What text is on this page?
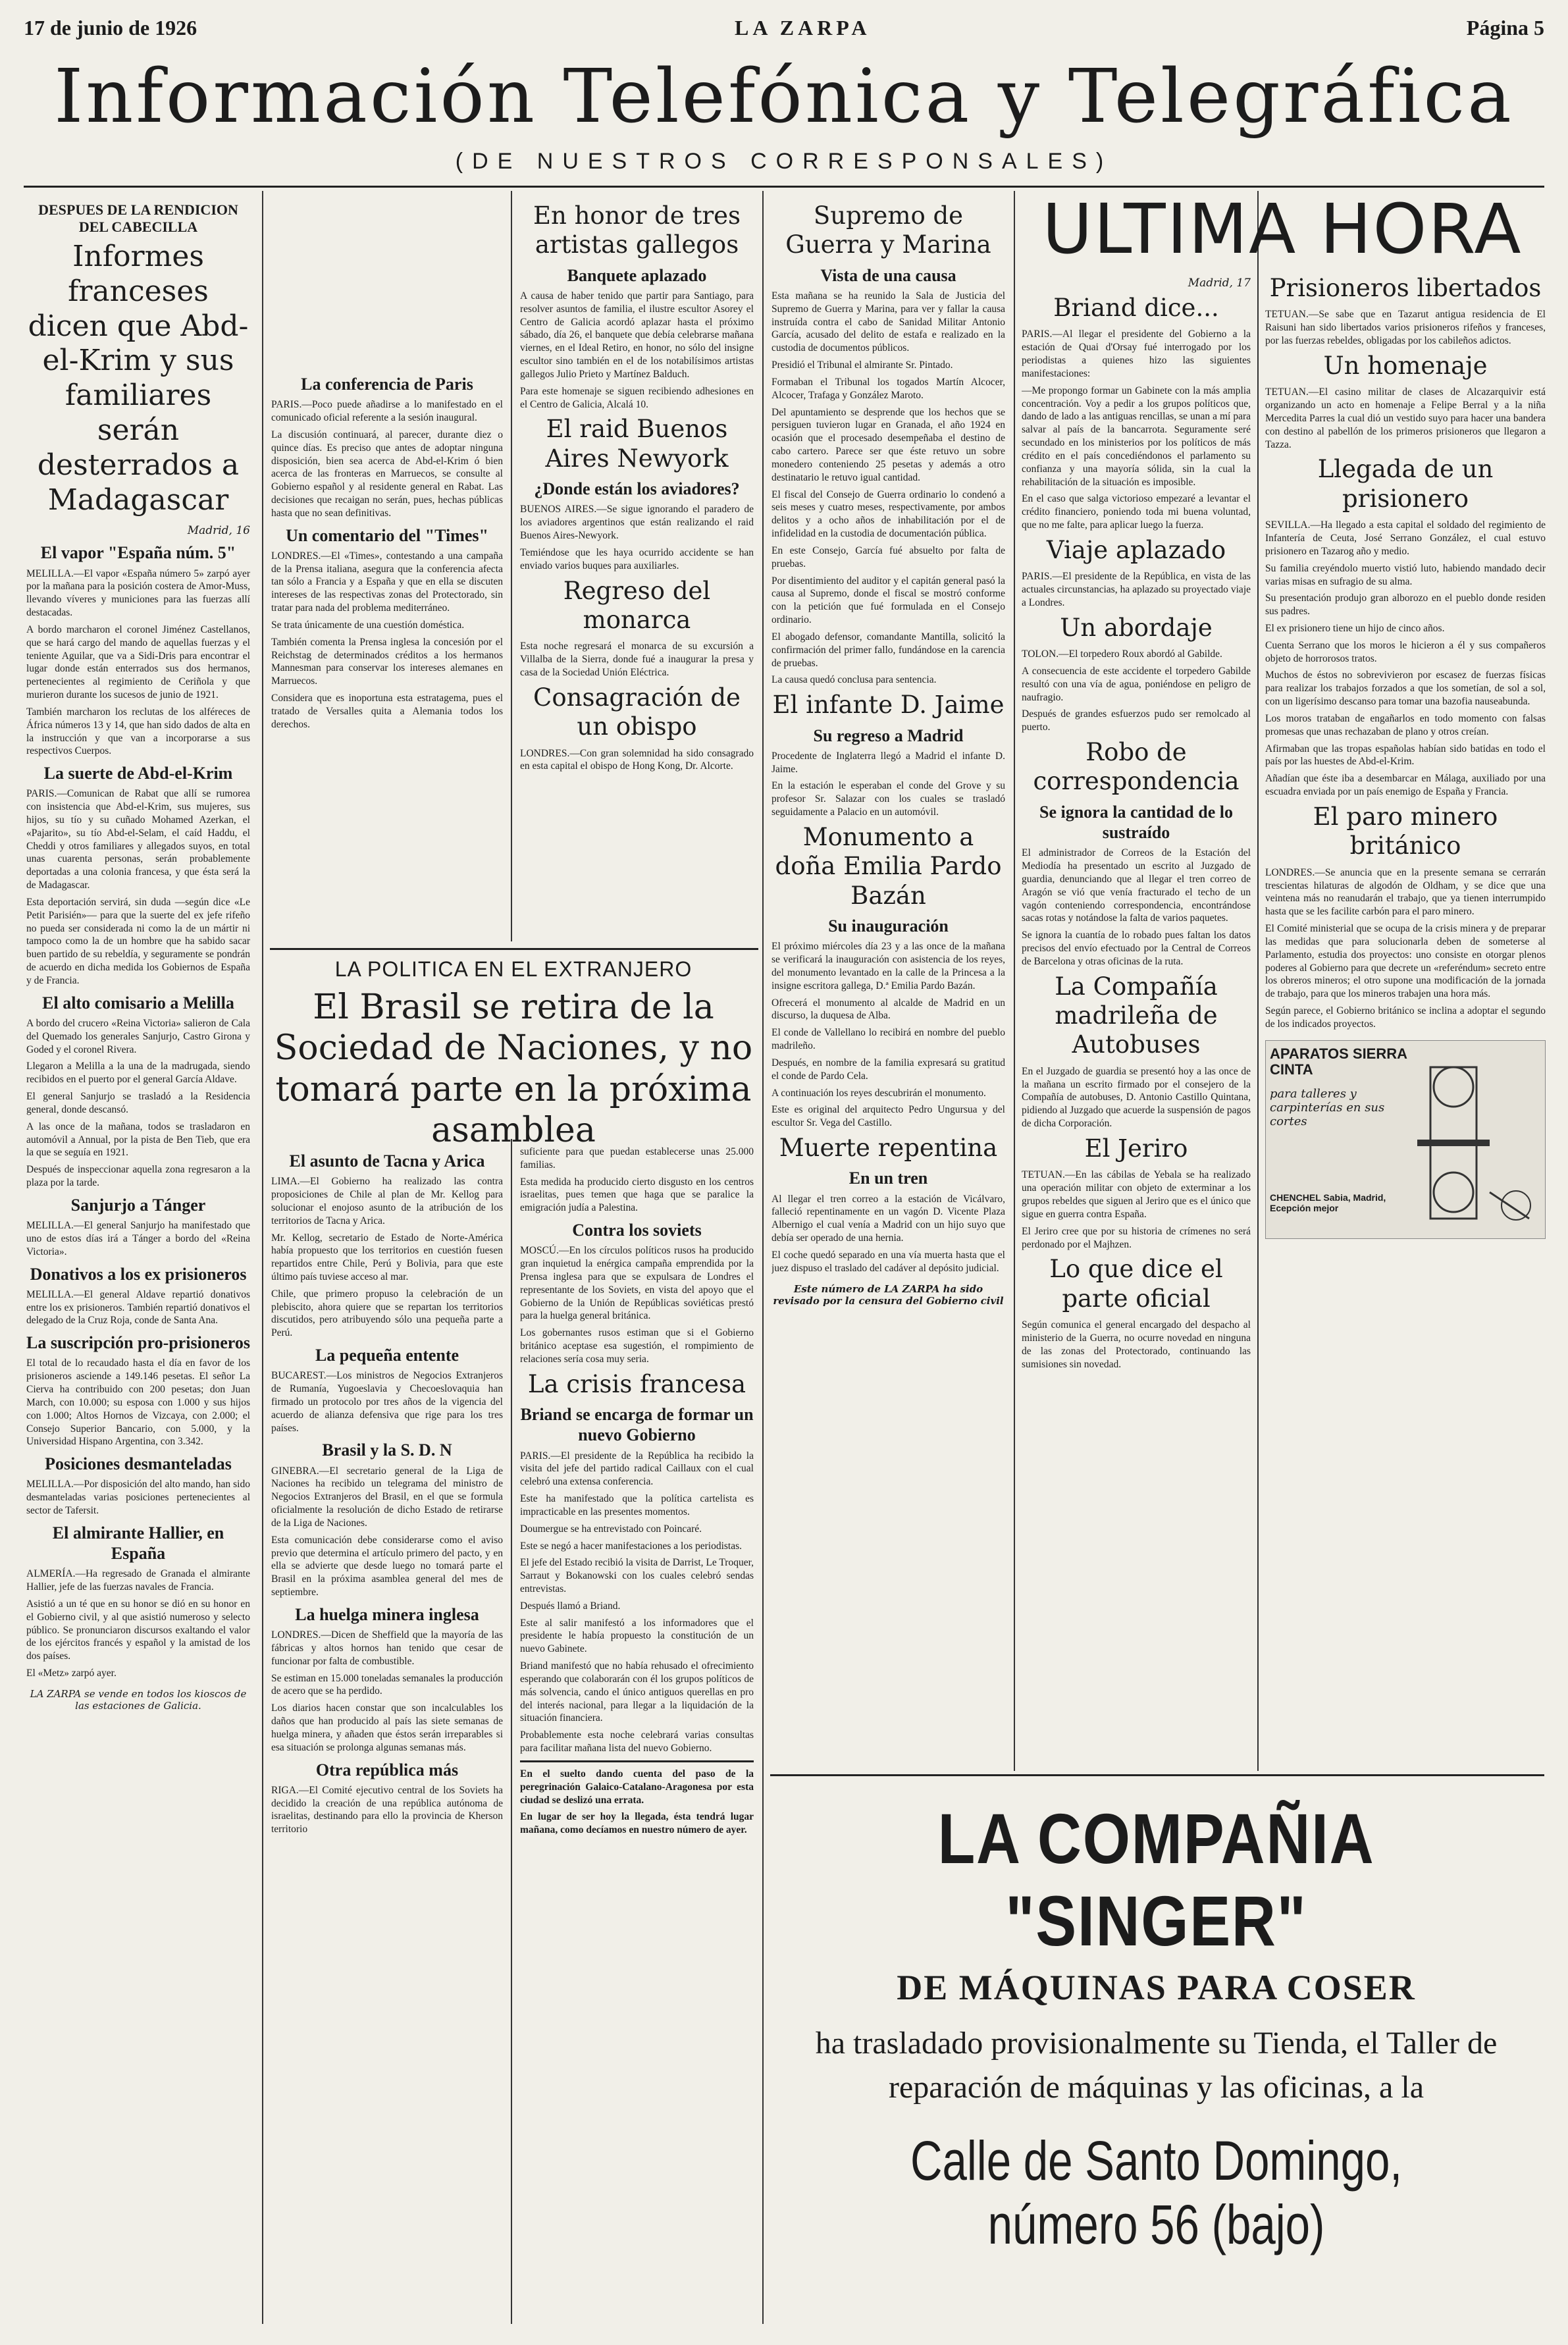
17 de junio de 1926	LA ZARPA	Página 5
Información Telefónica y Telegráfica
(DE NUESTROS CORRESPONSALES)
DESPUES DE LA RENDICION DEL CABECILLA
Informes franceses dicen que Abd-el-Krim y sus familiares serán desterrados a Madagascar
Madrid, 16
El vapor "España núm. 5"

MELILLA.—El vapor «España número 5» zarpó ayer por la mañana para la posición costera de Amor-Muss, llevando víveres y municiones para las fuerzas allí destacadas.

A bordo marcharon el coronel Jiménez Castellanos, que se hará cargo del mando de aquellas fuerzas y el teniente Aguilar, que va a Sidi-Dris para encontrar el lugar donde están enterrados sus dos hermanos, pertenecientes al regimiento de Ceriñola y que murieron durante los sucesos de junio de 1921.

También marcharon los reclutas de los alféreces de África números 13 y 14, que han sido dados de alta en la instrucción y que van a incorporarse a sus respectivos Cuerpos.

La suerte de Abd-el-Krim

PARIS.—Comunican de Rabat que allí se rumorea con insistencia que Abd-el-Krim, sus mujeres, sus hijos, su tío y su cuñado Mohamed Azerkan, el «Pajarito», su tío Abd-el-Selam, el caíd Haddu, el Cheddi y otros familiares y allegados suyos, en total unas cuarenta personas, serán probablemente deportadas a una colonia francesa, y que ésta será la de Madagascar.

Esta deportación servirá, sin duda —según dice «Le Petit Parisién»— para que la suerte del ex jefe rifeño no pueda ser considerada ni como la de un mártir ni tampoco como la de un hombre que ha sabido sacar buen partido de su rebeldía, y seguramente se pondrán de acuerdo en dicha medida los Gobiernos de España y de Francia.

El alto comisario a Melilla

A bordo del crucero «Reina Victoria» salieron de Cala del Quemado los generales Sanjurjo, Castro Girona y Goded y el coronel Rivera.

Llegaron a Melilla a la una de la madrugada, siendo recibidos en el puerto por el general García Aldave.

El general Sanjurjo se trasladó a la Residencia general, donde descansó.

A las once de la mañana, todos se trasladaron en automóvil a Annual, por la pista de Ben Tieb, que era la que se seguía en 1921.

Después de inspeccionar aquella zona regresaron a la plaza por la tarde.

Sanjurjo a Tánger

MELILLA.—El general Sanjurjo ha manifestado que uno de estos días irá a Tánger a bordo del «Reina Victoria».

Donativos a los ex prisioneros

MELILLA.—El general Aldave repartió donativos entre los ex prisioneros. También repartió donativos el delegado de la Cruz Roja, conde de Santa Ana.

La suscripción pro-prisioneros

El total de lo recaudado hasta el día en favor de los prisioneros asciende a 149.146 pesetas. El señor La Cierva ha contribuido con 200 pesetas; don Juan March, con 10.000; su esposa con 1.000 y sus hijos con 1.000; Altos Hornos de Vizcaya, con 2.000; el Consejo Superior Bancario, con 5.000, y la Universidad Hispano Argentina, con 3.342.

Posiciones desmanteladas

MELILLA.—Por disposición del alto mando, han sido desmanteladas varias posiciones pertenecientes al sector de Tafersit.

El almirante Hallier, en España

ALMERÍA.—Ha regresado de Granada el almirante Hallier, jefe de las fuerzas navales de Francia.

Asistió a un té que en su honor se dió en su honor en el Gobierno civil, y al que asistió numeroso y selecto público. Se pronunciaron discursos exaltando el valor de los ejércitos francés y español y la amistad de los dos países.

El «Metz» zarpó ayer.

LA ZARPA se vende en todos los kioscos de las estaciones de Galicia.
La conferencia de Paris

PARIS.—Poco puede añadirse a lo manifestado en el comunicado oficial referente a la sesión inaugural.

La discusión continuará, al parecer, durante diez o quince días. Es preciso que antes de adoptar ninguna disposición, bien sea acerca de Abd-el-Krim ó bien acerca de las fronteras en Marruecos, se consulte al Gobierno español y al residente general en Rabat. Las decisiones que recaigan no serán, pues, hechas públicas hasta que no sean definitivas.

Un comentario del "Times"

LONDRES.—El «Times», contestando a una campaña de la Prensa italiana, asegura que la conferencia afecta tan sólo a Francia y a España y que en ella se discuten intereses de las respectivas zonas del Protectorado, sin tratar para nada del problema mediterráneo.

Se trata únicamente de una cuestión doméstica.

También comenta la Prensa inglesa la concesión por el Reichstag de determinados créditos a los hermanos Mannesman para conservar los intereses alemanes en Marruecos.

Considera que es inoportuna esta estratagema, pues el tratado de Versalles quita a Alemania todos los derechos.

En honor de tres artistas gallegos
Banquete aplazado

A causa de haber tenido que partir para Santiago, para resolver asuntos de familia, el ilustre escultor Asorey el Centro de Galicia acordó aplazar hasta el próximo sábado, día 26, el banquete que debía celebrarse mañana viernes, en el Ideal Retiro, en honor, no sólo del insigne escultor sino también en el de los notabilísimos artistas gallegos Julio Prieto y Martínez Balduch.

Para este homenaje se siguen recibiendo adhesiones en el Centro de Galicia, Alcalá 10.

El raid Buenos Aires Newyork
¿Donde están los aviadores?

BUENOS AIRES.—Se sigue ignorando el paradero de los aviadores argentinos que están realizando el raid Buenos Aires-Newyork.

Temiéndose que les haya ocurrido accidente se han enviado varios buques para auxiliarles.

Regreso del monarca

Esta noche regresará el monarca de su excursión a Villalba de la Sierra, donde fué a inaugurar la presa y casa de la Sociedad Unión Eléctrica.

Consagración de un obispo

LONDRES.—Con gran solemnidad ha sido consagrado en esta capital el obispo de Hong Kong, Dr. Alcorte.

LA POLITICA EN EL EXTRANJERO
El Brasil se retira de la Sociedad de Naciones, y no tomará parte en la próxima asamblea
El asunto de Tacna y Arica

LIMA.—El Gobierno ha realizado las contra proposiciones de Chile al plan de Mr. Kellog para solucionar el enojoso asunto de la atribución de los territorios de Tacna y Arica.

Mr. Kellog, secretario de Estado de Norte-América había propuesto que los territorios en cuestión fuesen repartidos entre Chile, Perú y Bolivia, para que este último país tuviese acceso al mar.

Chile, que primero propuso la celebración de un plebiscito, ahora quiere que se repartan los territorios discutidos, pero atribuyendo sólo una pequeña parte a Perú.

La pequeña entente

BUCAREST.—Los ministros de Negocios Extranjeros de Rumanía, Yugoeslavia y Checoeslovaquia han firmado un protocolo por tres años de la vigencia del acuerdo de alianza defensiva que rige para los tres países.

Brasil y la S. D. N

GINEBRA.—El secretario general de la Liga de Naciones ha recibido un telegrama del ministro de Negocios Extranjeros del Brasil, en el que se formula oficialmente la resolución de dicho Estado de retirarse de la Liga de Naciones.

Esta comunicación debe considerarse como el aviso previo que determina el artículo primero del pacto, y en ella se advierte que desde luego no tomará parte el Brasil en la próxima asamblea general del mes de septiembre.

La huelga minera inglesa

LONDRES.—Dicen de Sheffield que la mayoría de las fábricas y altos hornos han tenido que cesar de funcionar por falta de combustible.

Se estiman en 15.000 toneladas semanales la producción de acero que se ha perdido.

Los diarios hacen constar que son incalculables los daños que han producido al país las siete semanas de huelga minera, y añaden que éstos serán irreparables si esa situación se prolonga algunas semanas más.

Otra república más

RIGA.—El Comité ejecutivo central de los Soviets ha decidido la creación de una república autónoma de israelitas, destinando para ello la provincia de Kherson territorio

suficiente para que puedan establecerse unas 25.000 familias.

Esta medida ha producido cierto disgusto en los centros israelitas, pues temen que haga que se paralice la emigración judía a Palestina.

Contra los soviets

MOSCÚ.—En los círculos políticos rusos ha producido gran inquietud la enérgica campaña emprendida por la Prensa inglesa para que se expulsara de Londres el representante de los Soviets, en vista del apoyo que el Gobierno de la Unión de Repúblicas soviéticas prestó para la huelga general británica.

Los gobernantes rusos estiman que si el Gobierno británico aceptase esa sugestión, el rompimiento de relaciones sería cosa muy seria.

La crisis francesa
Briand se encarga de formar un nuevo Gobierno

PARIS.—El presidente de la República ha recibido la visita del jefe del partido radical Caillaux con el cual celebró una extensa conferencia.

Este ha manifestado que la política cartelista es impracticable en las presentes momentos.

Doumergue se ha entrevistado con Poincaré.

Este se negó a hacer manifestaciones a los periodistas.

El jefe del Estado recibió la visita de Darrist, Le Troquer, Sarraut y Bokanowski con los cuales celebró sendas entrevistas.

Después llamó a Briand.

Este al salir manifestó a los informadores que el presidente le había propuesto la constitución de un nuevo Gabinete.

Briand manifestó que no había rehusado el ofrecimiento esperando que colaborarán con él los grupos políticos de más solvencia, cando el único antiguos querellas en pro del interés nacional, para llegar a la liquidación de la situación financiera.

Probablemente esta noche celebrará varias consultas para facilitar mañana lista del nuevo Gobierno.

En el suelto dando cuenta del paso de la peregrinación Galaico-Catalano-Aragonesa por esta ciudad se deslizó una errata.

En lugar de ser hoy la llegada, ésta tendrá lugar mañana, como decíamos en nuestro número de ayer.

Supremo de Guerra y Marina
Vista de una causa

Esta mañana se ha reunido la Sala de Justicia del Supremo de Guerra y Marina, para ver y fallar la causa instruída contra el cabo de Sanidad Militar Antonio García, acusado del delito de estafa e realizado en la custodia de documentos públicos.

Presidió el Tribunal el almirante Sr. Pintado.

Formaban el Tribunal los togados Martín Alcocer, Alcocer, Trafaga y González Maroto.

Del apuntamiento se desprende que los hechos que se persiguen tuvieron lugar en Granada, el año 1924 en ocasión que el procesado desempeñaba el destino de cabo cartero. Parece ser que éste retuvo un sobre monedero conteniendo 25 pesetas y además a otro destinatario le retuvo igual cantidad.

El fiscal del Consejo de Guerra ordinario lo condenó a seis meses y cuatro meses, respectivamente, por ambos delitos y a ocho años de inhabilitación por el de infidelidad en la custodia de documentación pública.

En este Consejo, García fué absuelto por falta de pruebas.

Por disentimiento del auditor y el capitán general pasó la causa al Supremo, donde el fiscal se mostró conforme con la petición que fué formulada en el Consejo ordinario.

El abogado defensor, comandante Mantilla, solicitó la confirmación del primer fallo, fundándose en la carencia de pruebas.

La causa quedó conclusa para sentencia.

El infante D. Jaime
Su regreso a Madrid

Procedente de Inglaterra llegó a Madrid el infante D. Jaime.

En la estación le esperaban el conde del Grove y su profesor Sr. Salazar con los cuales se trasladó seguidamente a Palacio en un automóvil.

Monumento a doña Emilia Pardo Bazán
Su inauguración

El próximo miércoles día 23 y a las once de la mañana se verificará la inauguración con asistencia de los reyes, del monumento levantado en la calle de la Princesa a la insigne escritora gallega, D.ª Emilia Pardo Bazán.

Ofrecerá el monumento al alcalde de Madrid en un discurso, la duquesa de Alba.

El conde de Vallellano lo recibirá en nombre del pueblo madrileño.

Después, en nombre de la familia expresará su gratitud el conde de Pardo Cela.

A continuación los reyes descubrirán el monumento.

Este es original del arquitecto Pedro Ungursua y del escultor Sr. Vega del Castillo.

Muerte repentina
En un tren

Al llegar el tren correo a la estación de Vicálvaro, falleció repentinamente en un vagón D. Vicente Plaza Albernigo el cual venía a Madrid con un hijo suyo que debía ser operado de una hernia.

El coche quedó separado en una vía muerta hasta que el juez dispuso el traslado del cadáver al depósito judicial.

Este número de LA ZARPA ha sido revisado por la censura del Gobierno civil
Madrid, 17
Briand dice...

PARIS.—Al llegar el presidente del Gobierno a la estación de Quai d'Orsay fué interrogado por los periodistas a quienes hizo las siguientes manifestaciones:

—Me propongo formar un Gabinete con la más amplia concentración. Voy a pedir a los grupos políticos que, dando de lado a las antiguas rencillas, se unan a mí para salvar al país de la bancarrota. Seguramente seré secundado en los ministerios por los políticos de más crédito en el país concediéndonos el parlamento su confianza y una mayoría sólida, sin la cual la rehabilitación de la situación es imposible.

En el caso que salga victorioso empezaré a levantar el crédito financiero, poniendo toda mi buena voluntad, que no me falte, para aplicar luego la fuerza.

Viaje aplazado

PARIS.—El presidente de la República, en vista de las actuales circunstancias, ha aplazado su proyectado viaje a Londres.

Un abordaje

TOLON.—El torpedero Roux abordó al Gabilde.

A consecuencia de este accidente el torpedero Gabilde resultó con una vía de agua, poniéndose en peligro de naufragio.

Después de grandes esfuerzos pudo ser remolcado al puerto.

Robo de correspondencia
Se ignora la cantidad de lo sustraído

El administrador de Correos de la Estación del Mediodía ha presentado un escrito al Juzgado de guardia, denunciando que al llegar el tren correo de Aragón se vió que venía fracturado el techo de un vagón conteniendo correspondencia, encontrándose sacas rotas y notándose la falta de varios paquetes.

Se ignora la cuantía de lo robado pues faltan los datos precisos del envío efectuado por la Central de Correos de Barcelona y otras oficinas de la ruta.

La Compañía madrileña de Autobuses

En el Juzgado de guardia se presentó hoy a las once de la mañana un escrito firmado por el consejero de la Compañía de autobuses, D. Antonio Castillo Quintana, pidiendo al Juzgado que acuerde la suspensión de pagos de dicha Corporación.

El Jeriro

TETUAN.—En las cábilas de Yebala se ha realizado una operación militar con objeto de exterminar a los grupos rebeldes que siguen al Jeriro que es el único que sigue en guerra contra España.

El Jeriro cree que por su historia de crímenes no será perdonado por el Majhzen.

Lo que dice el parte oficial

Según comunica el general encargado del despacho al ministerio de la Guerra, no ocurre novedad en ninguna de las zonas del Protectorado, continuando las sumisiones sin novedad.

ULTIMA HORA
Prisioneros libertados

TETUAN.—Se sabe que en Tazarut antigua residencia de El Raisuni han sido libertados varios prisioneros rifeños y franceses, por las fuerzas rebeldes, obligadas por los cabileños adictos.

Un homenaje

TETUAN.—El casino militar de clases de Alcazarquivir está organizando un acto en homenaje a Felipe Berral y a la niña Mercedita Parres la cual dió un vestido suyo para hacer una bandera con destino al pabellón de los primeros prisioneros que llegaron a Tazza.

Llegada de un prisionero

SEVILLA.—Ha llegado a esta capital el soldado del regimiento de Infantería de Ceuta, José Serrano González, el cual estuvo prisionero en Tazarog año y medio.

Su familia creyéndolo muerto vistió luto, habiendo mandado decir varias misas en sufragio de su alma.

Su presentación produjo gran alborozo en el pueblo donde residen sus padres.

El ex prisionero tiene un hijo de cinco años.

Cuenta Serrano que los moros le hicieron a él y sus compañeros objeto de horrorosos tratos.

Muchos de éstos no sobrevivieron por escasez de fuerzas físicas para realizar los trabajos forzados a que los sometían, de sol a sol, con un ligerísimo descanso para tomar una bazofia nauseabunda.

Los moros trataban de engañarlos en todo momento con falsas promesas que unas rechazaban de plano y otros creían.

Afirmaban que las tropas españolas habían sido batidas en todo el país por las huestes de Abd-el-Krim.

Añadían que éste iba a desembarcar en Málaga, auxiliado por una escuadra enviada por un país enemigo de España y Francia.

El paro minero británico

LONDRES.—Se anuncia que en la presente semana se cerrarán trescientas hilaturas de algodón de Oldham, y se dice que una veintena más no reanudarán el trabajo, que ya tienen interrumpido hasta que se les facilite carbón para el paro minero.

El Comité ministerial que se ocupa de la crisis minera y de preparar las medidas que para solucionarla deben de someterse al Parlamento, estudia dos proyectos: uno consiste en otorgar plenos poderes al Gobierno para que decrete un «referéndum» secreto entre los obreros mineros; el otro supone una modificación de la jornada de trabajo, para que los mineros trabajen una hora más.

Según parece, el Gobierno británico se inclina a adoptar el segundo de los indicados proyectos.

APARATOS SIERRA CINTA
para talleres y carpinterías en sus cortes
CHENCHEL Sabia, Madrid, Ecepción mejor
LA COMPAÑIA "SINGER"
DE MÁQUINAS PARA COSER
ha trasladado provisionalmente su Tienda, el Taller de reparación de máquinas y las oficinas, a la
Calle de Santo Domingo, número 56 (bajo)
